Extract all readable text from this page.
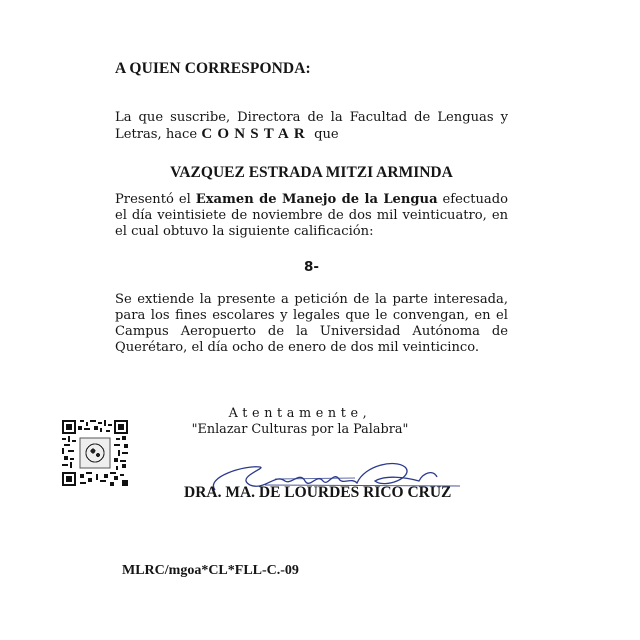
A QUIEN CORRESPONDA:
La que suscribe, Directora de la Facultad de Lenguas y Letras, hace CONSTAR que
VAZQUEZ ESTRADA MITZI ARMINDA
Presentó el Examen de Manejo de la Lengua efectuado el día veintisiete de noviembre de dos mil veinticuatro, en el cual obtuvo la siguiente calificación:
8-
Se extiende la presente a petición de la parte interesada, para los fines escolares y legales que le convengan, en el Campus Aeropuerto de la Universidad Autónoma de Querétaro, el día ocho de enero de dos mil veinticinco.
Atentamente,
"Enlazar Culturas por la Palabra"
DRA. MA. DE LOURDES RICO CRUZ
MLRC/mgoa*CL*FLL-C.-09
